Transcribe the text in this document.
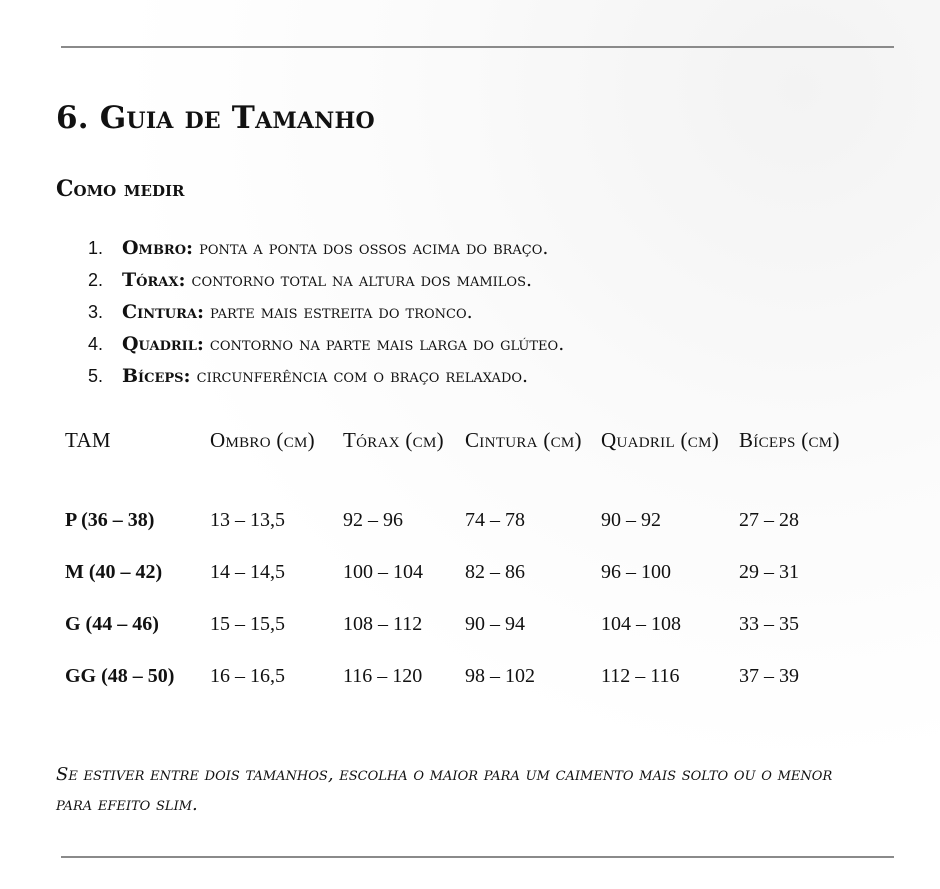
6. Guia de Tamanho
Como medir
1. Ombro: ponta a ponta dos ossos acima do braço.
2. Tórax: contorno total na altura dos mamilos.
3. Cintura: parte mais estreita do tronco.
4. Quadril: contorno na parte mais larga do glúteo.
5. Bíceps: circunferência com o braço relaxado.
TAM	Ombro (cm)	Tórax (cm)	Cintura (cm)	Quadril (cm)	Bíceps (cm)
P (36 – 38)	13 – 13,5	92 – 96	74 – 78	90 – 92	27 – 28
M (40 – 42)	14 – 14,5	100 – 104	82 – 86	96 – 100	29 – 31
G (44 – 46)	15 – 15,5	108 – 112	90 – 94	104 – 108	33 – 35
GG (48 – 50)	16 – 16,5	116 – 120	98 – 102	112 – 116	37 – 39

Se estiver entre dois tamanhos, escolha o maior para um caimento mais solto ou o menor para efeito slim.
